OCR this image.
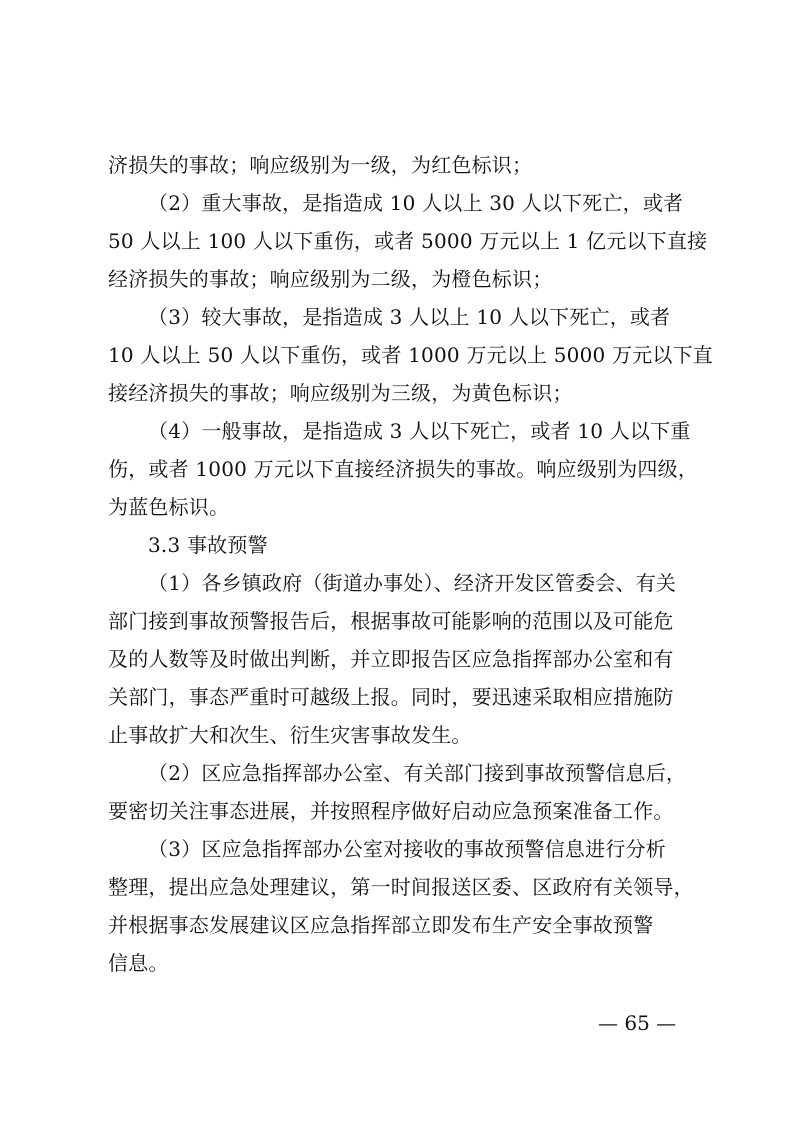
济损失的事故；响应级别为一级，为红色标识；
（2）重大事故，是指造成 10 人以上 30 人以下死亡，或者
50 人以上 100 人以下重伤，或者 5000 万元以上 1 亿元以下直接
经济损失的事故；响应级别为二级，为橙色标识；
（3）较大事故，是指造成 3 人以上 10 人以下死亡，或者
10 人以上 50 人以下重伤，或者 1000 万元以上 5000 万元以下直
接经济损失的事故；响应级别为三级，为黄色标识；
（4）一般事故，是指造成 3 人以下死亡，或者 10 人以下重
伤，或者 1000 万元以下直接经济损失的事故。响应级别为四级，
为蓝色标识。
3.3 事故预警
（1）各乡镇政府（街道办事处）、经济开发区管委会、有关
部门接到事故预警报告后，根据事故可能影响的范围以及可能危
及的人数等及时做出判断，并立即报告区应急指挥部办公室和有
关部门，事态严重时可越级上报。同时，要迅速采取相应措施防
止事故扩大和次生、衍生灾害事故发生。
（2）区应急指挥部办公室、有关部门接到事故预警信息后，
要密切关注事态进展，并按照程序做好启动应急预案准备工作。
（3）区应急指挥部办公室对接收的事故预警信息进行分析
整理，提出应急处理建议，第一时间报送区委、区政府有关领导，
并根据事态发展建议区应急指挥部立即发布生产安全事故预警
信息。
— 65 —
